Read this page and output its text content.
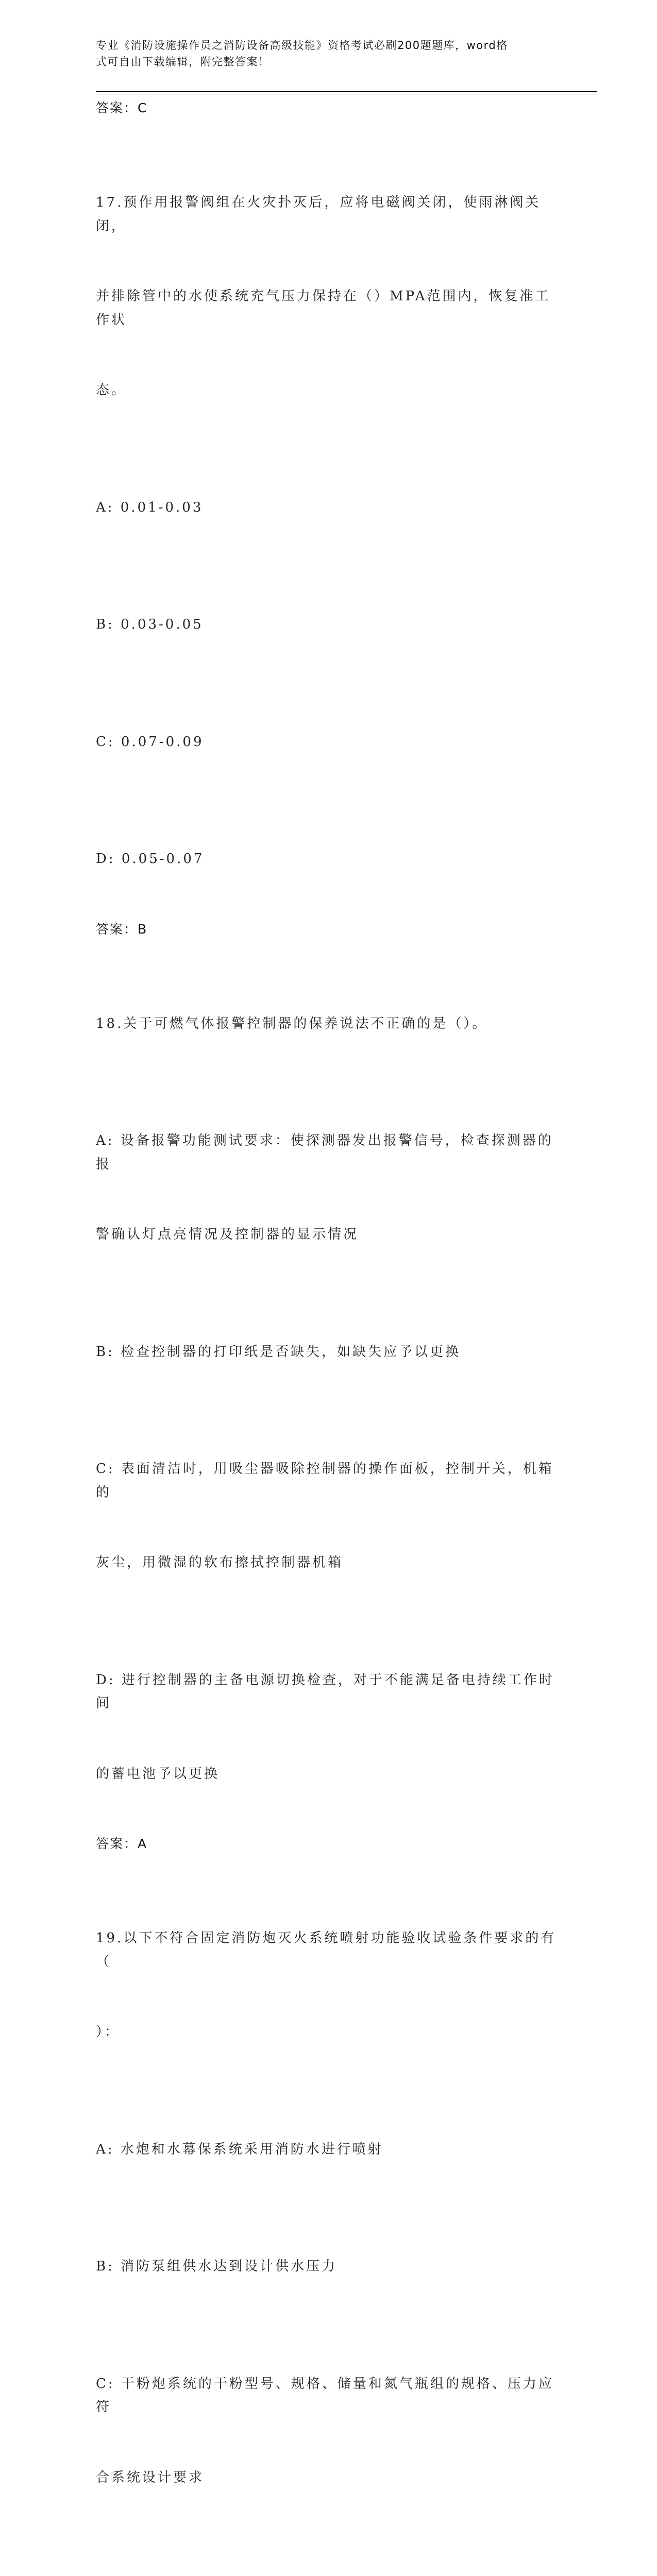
专业《消防设施操作员之消防设备高级技能》资格考试必刷200题题库，word格
式可自由下载编辑，附完整答案！
答案：C

17.预作用报警阀组在火灾扑灭后，应将电磁阀关闭，使雨淋阀关闭，

并排除管中的水使系统充气压力保持在（）MPA范围内，恢复准工作状

态。

A: 0.01-0.03

B: 0.03-0.05

C: 0.07-0.09

D: 0.05-0.07

答案：B

18.关于可燃气体报警控制器的保养说法不正确的是（）。

A: 设备报警功能测试要求：使探测器发出报警信号，检查探测器的报

警确认灯点亮情况及控制器的显示情况

B: 检查控制器的打印纸是否缺失，如缺失应予以更换

C: 表面清洁时，用吸尘器吸除控制器的操作面板，控制开关，机箱的

灰尘，用微湿的软布擦拭控制器机箱

D: 进行控制器的主备电源切换检查，对于不能满足备电持续工作时间

的蓄电池予以更换

答案：A

19.以下不符合固定消防炮灭火系统喷射功能验收试验条件要求的有（

）：

A: 水炮和水幕保系统采用消防水进行喷射

B: 消防泵组供水达到设计供水压力

C: 干粉炮系统的干粉型号、规格、储量和氮气瓶组的规格、压力应符

合系统设计要求
